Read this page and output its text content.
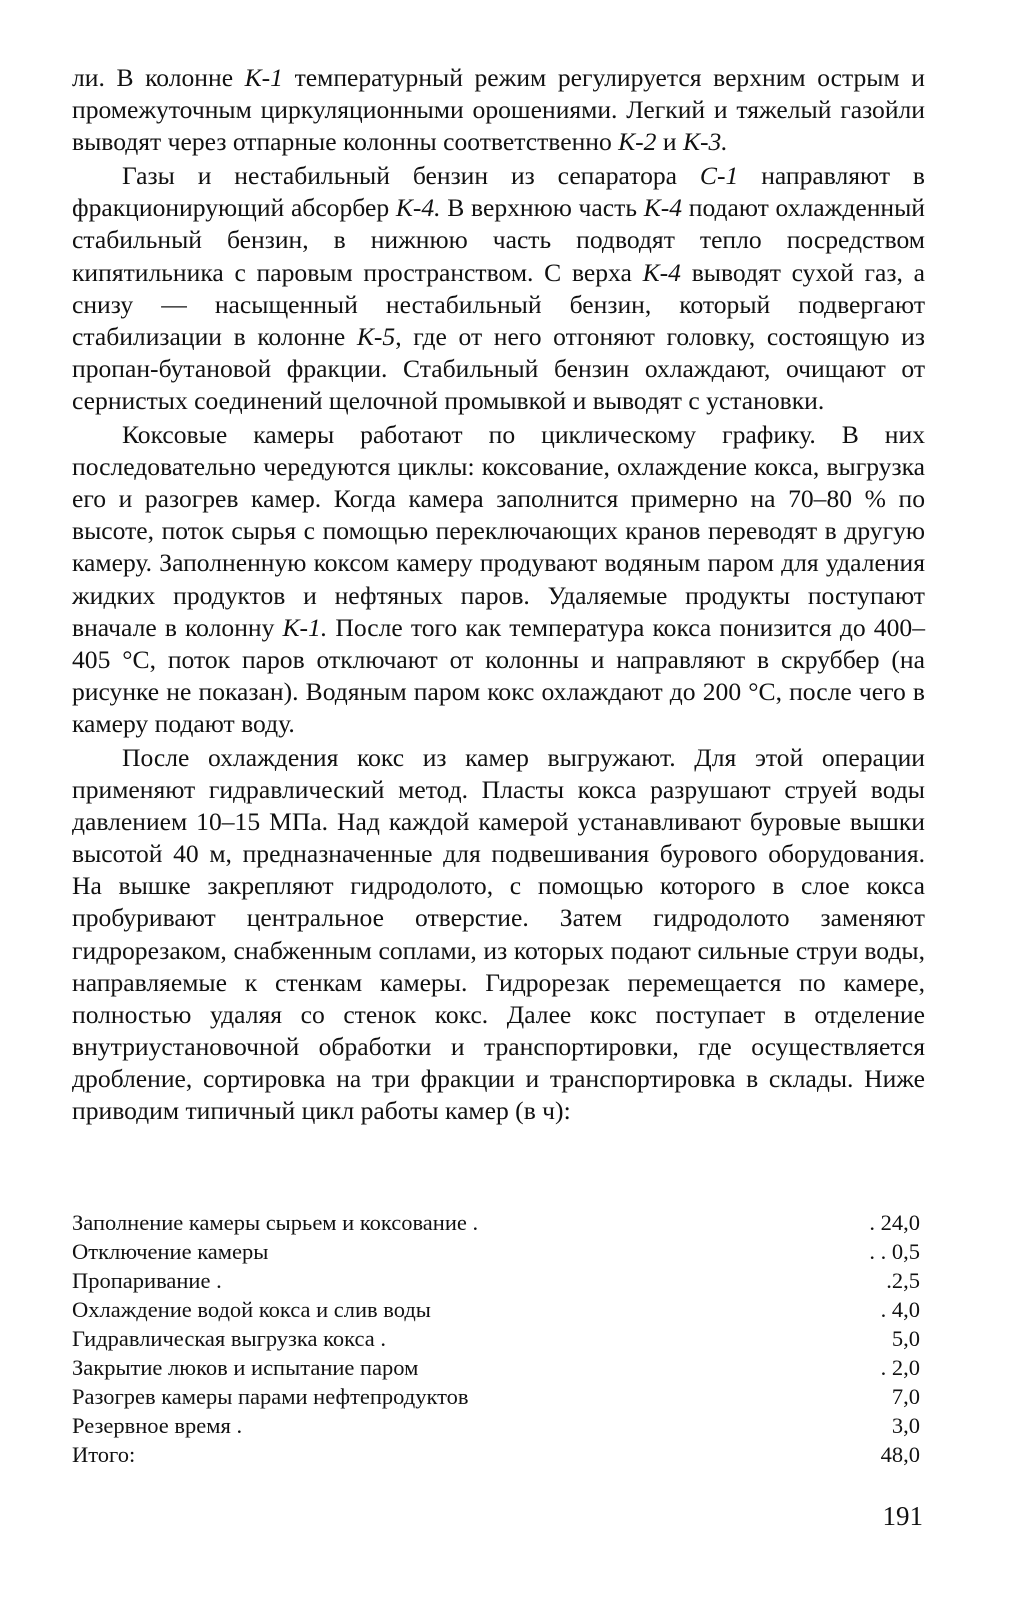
ли. В колонне К-1 температурный режим регулируется верхним острым и промежуточным циркуляционными орошениями. Легкий и тяжелый газойли выводят через отпарные колонны соответственно К-2 и К-3.

Газы и нестабильный бензин из сепаратора С-1 направляют в фракционирующий абсорбер К-4. В верхнюю часть К-4 подают охлажденный стабильный бензин, в нижнюю часть подводят тепло посредством кипятильника с паровым пространством. С верха К-4 выводят сухой газ, а снизу — насыщенный нестабильный бензин, который подвергают стабилизации в колонне К-5, где от него отгоняют головку, состоящую из пропан-бутановой фракции. Стабильный бензин охлаждают, очищают от сернистых соединений щелочной промывкой и выводят с установки.

Коксовые камеры работают по циклическому графику. В них последовательно чередуются циклы: коксование, охлаждение кокса, выгрузка его и разогрев камер. Когда камера заполнится примерно на 70–80 % по высоте, поток сырья с помощью переключающих кранов переводят в другую камеру. Заполненную коксом камеру продувают водяным паром для удаления жидких продуктов и нефтяных паров. Удаляемые продукты поступают вначале в колонну К-1. После того как температура кокса понизится до 400–405 °С, поток паров отключают от колонны и направляют в скруббер (на рисунке не показан). Водяным паром кокс охлаждают до 200 °С, после чего в камеру подают воду.

После охлаждения кокс из камер выгружают. Для этой операции применяют гидравлический метод. Пласты кокса разрушают струей воды давлением 10–15 МПа. Над каждой камерой устанавливают буровые вышки высотой 40 м, предназначенные для подвешивания бурового оборудования. На вышке закрепляют гидродолото, с помощью которого в слое кокса пробуривают центральное отверстие. Затем гидродолото заменяют гидрорезаком, снабженным соплами, из которых подают сильные струи воды, направляемые к стенкам камеры. Гидрорезак перемещается по камере, полностью удаляя со стенок кокс. Далее кокс поступает в отделение внутриустановочной обработки и транспортировки, где осуществляется дробление, сортировка на три фракции и транспортировка в склады. Ниже приводим типичный цикл работы камер (в ч):

Заполнение камеры сырьем и коксование .	. 24,0
Отключение камеры	. . 0,5
Пропаривание .	.2,5
Охлаждение водой кокса и слив воды	. 4,0
Гидравлическая выгрузка кокса .	5,0
Закрытие люков и испытание паром	. 2,0
Разогрев камеры парами нефтепродуктов	7,0
Резервное время .	3,0
Итого:	48,0
191
